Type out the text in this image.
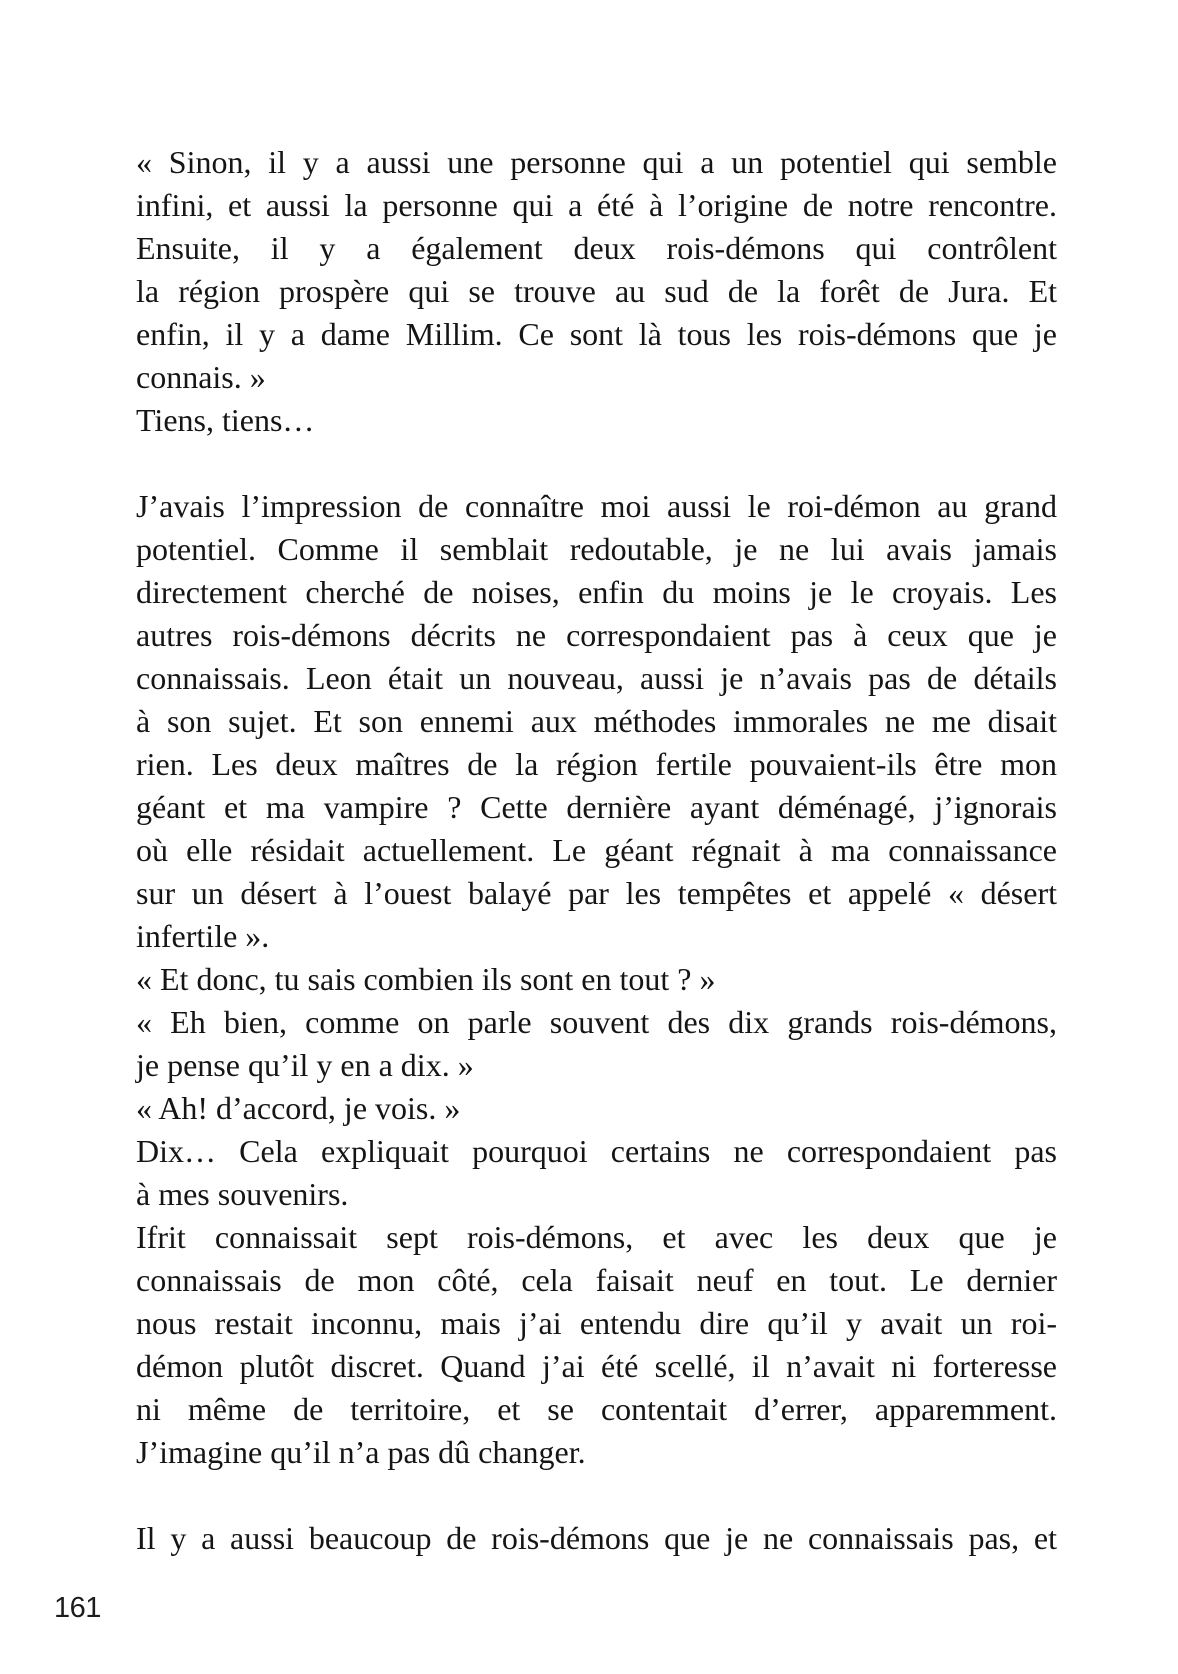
« Sinon, il y a aussi une personne qui a un potentiel qui semble
infini, et aussi la personne qui a été à l’origine de notre rencontre.
Ensuite, il y a également deux rois-démons qui contrôlent
la région prospère qui se trouve au sud de la forêt de Jura. Et
enfin, il y a dame Millim. Ce sont là tous les rois-démons que je
connais. »
Tiens, tiens…
J’avais l’impression de connaître moi aussi le roi-démon au grand
potentiel. Comme il semblait redoutable, je ne lui avais jamais
directement cherché de noises, enfin du moins je le croyais. Les
autres rois-démons décrits ne correspondaient pas à ceux que je
connaissais. Leon était un nouveau, aussi je n’avais pas de détails
à son sujet. Et son ennemi aux méthodes immorales ne me disait
rien. Les deux maîtres de la région fertile pouvaient-ils être mon
géant et ma vampire ? Cette dernière ayant déménagé, j’ignorais
où elle résidait actuellement. Le géant régnait à ma connaissance
sur un désert à l’ouest balayé par les tempêtes et appelé « désert
infertile ».
« Et donc, tu sais combien ils sont en tout ? »
« Eh bien, comme on parle souvent des dix grands rois-démons,
je pense qu’il y en a dix. »
« Ah! d’accord, je vois. »
Dix… Cela expliquait pourquoi certains ne correspondaient pas
à mes souvenirs.
Ifrit connaissait sept rois-démons, et avec les deux que je
connaissais de mon côté, cela faisait neuf en tout. Le dernier
nous restait inconnu, mais j’ai entendu dire qu’il y avait un roi-
démon plutôt discret. Quand j’ai été scellé, il n’avait ni forteresse
ni même de territoire, et se contentait d’errer, apparemment.
J’imagine qu’il n’a pas dû changer.
Il y a aussi beaucoup de rois-démons que je ne connaissais pas, et
161
